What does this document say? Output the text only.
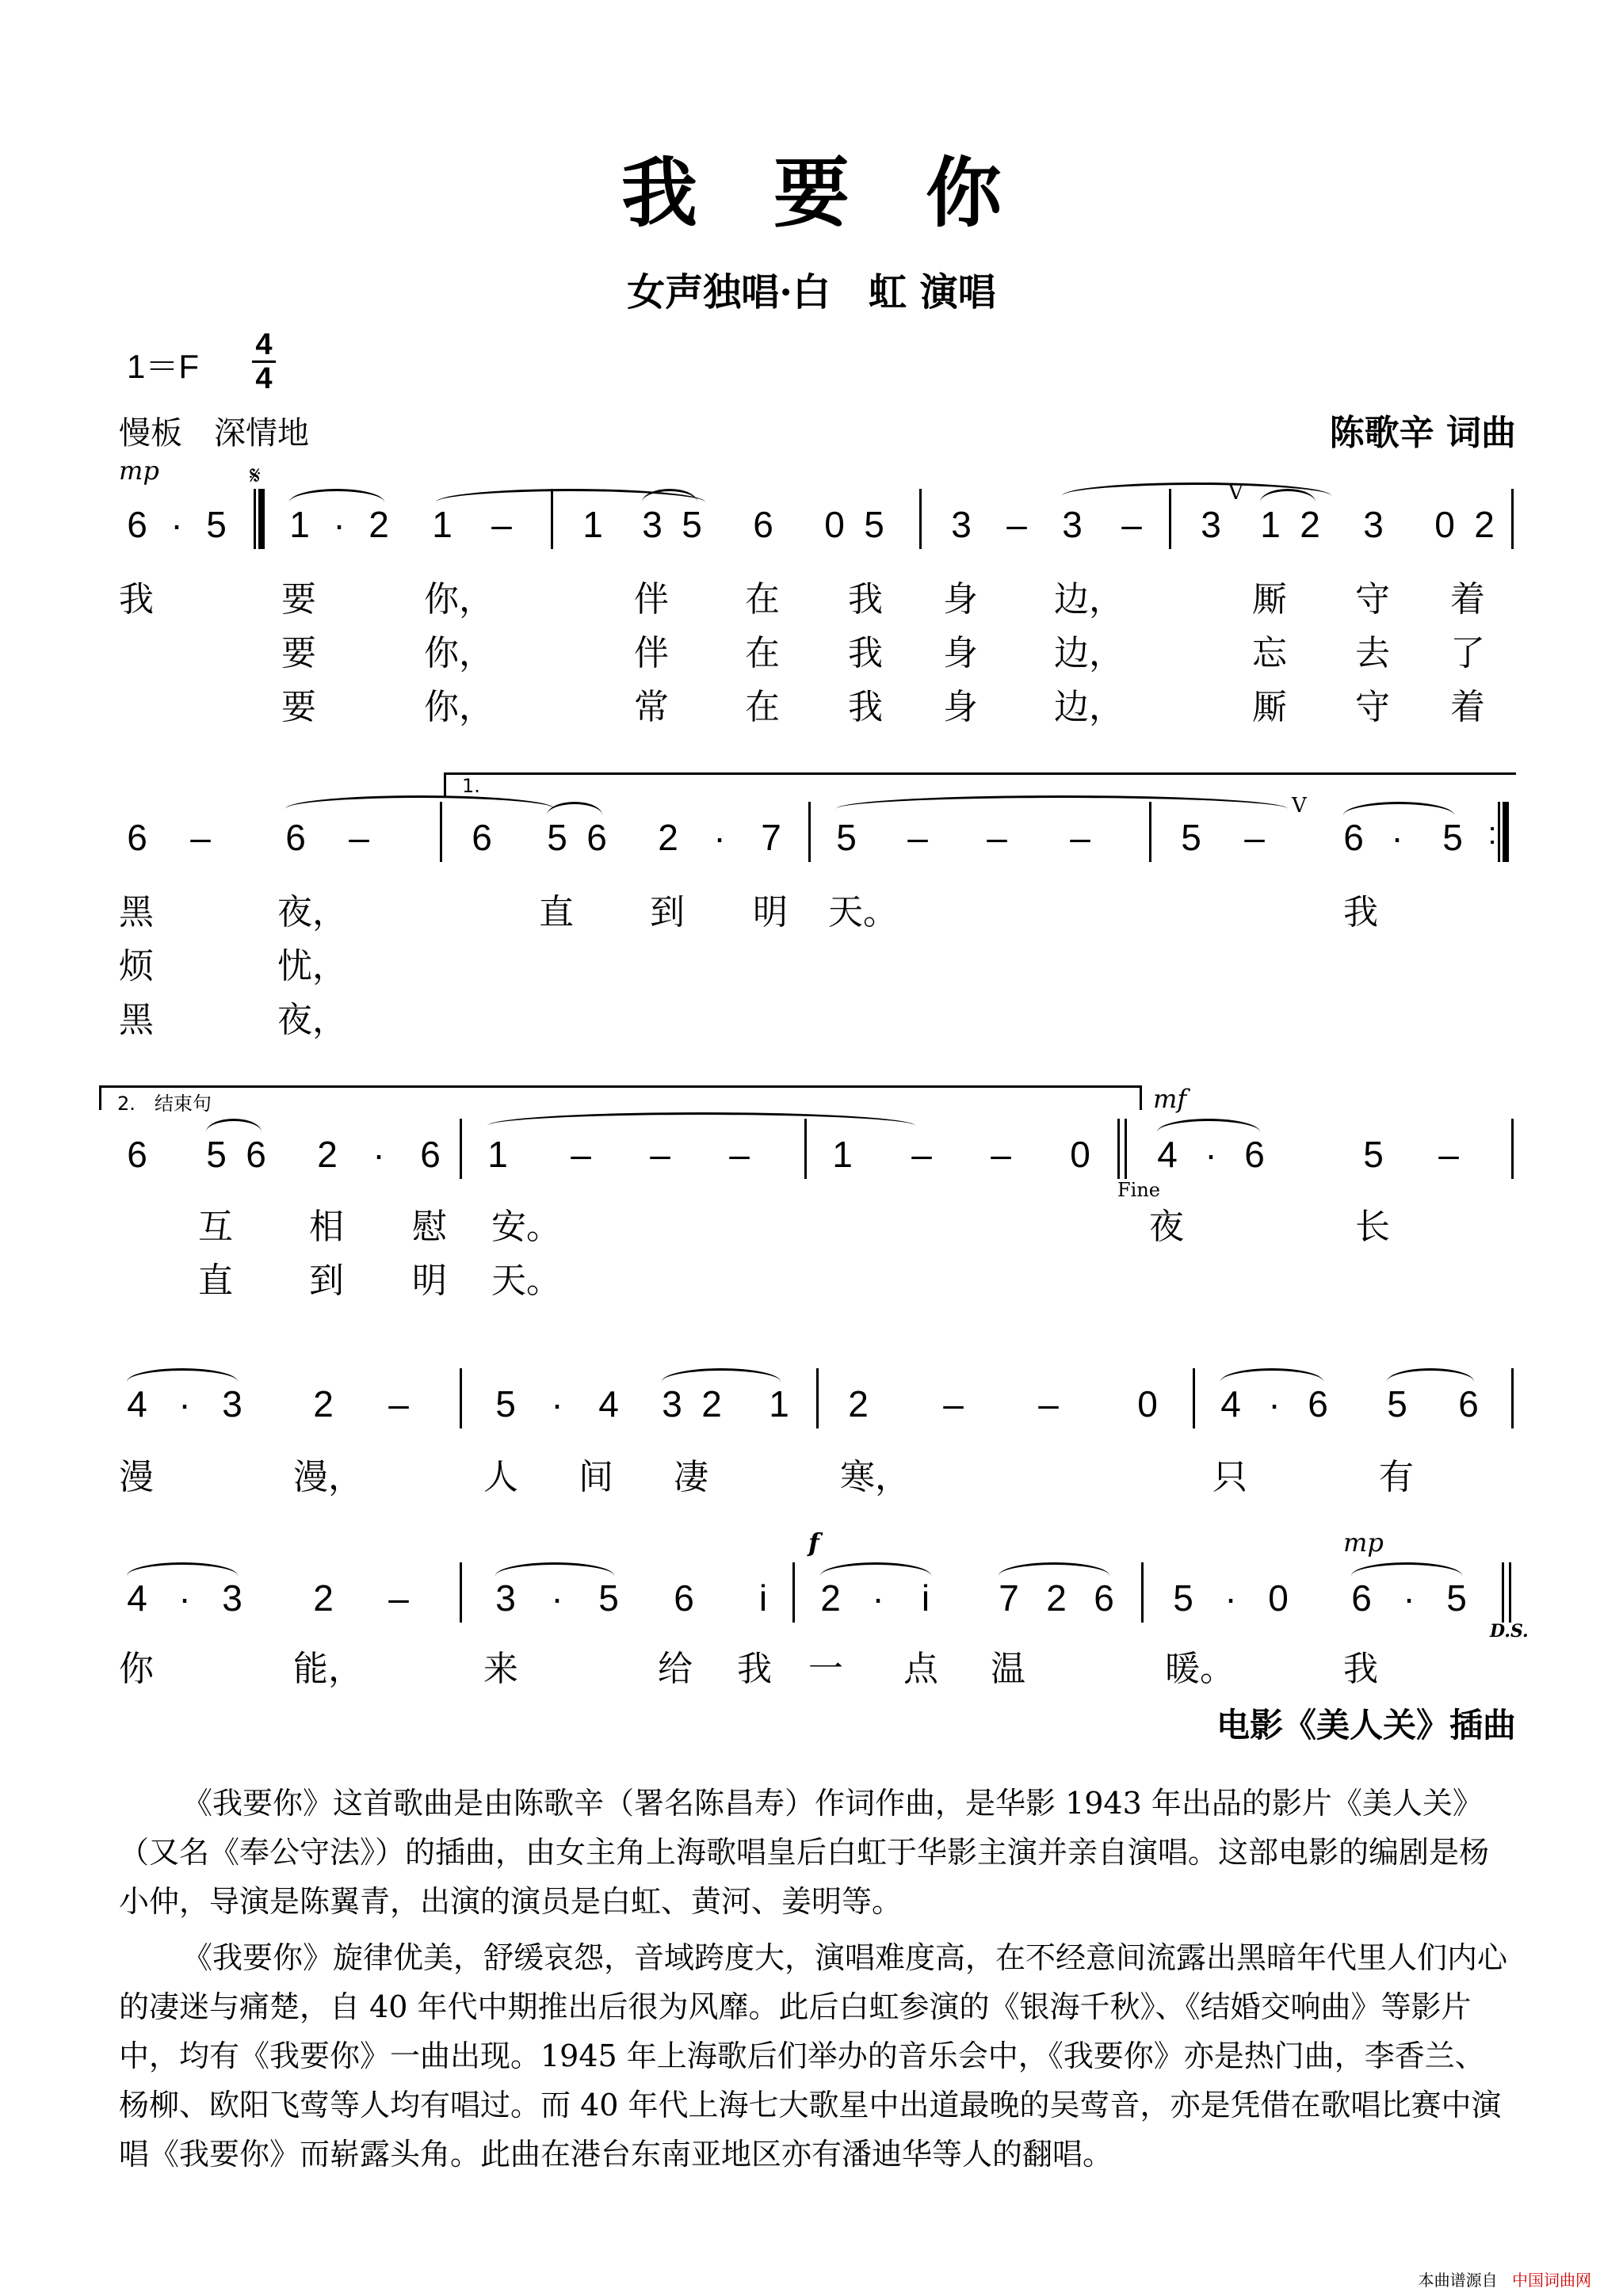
我要你
女声独唱·白　虹 演唱
1＝F
4
4
慢板　深情地	陈歌辛 词曲
mp	𝄋
6 · 5 1 · 2 1 – 1 3 5 6 0 5 3 – 3 – 3
V
1 2 3 0 2
我	要	你，	伴 在 我 身 边，	厮 守 着
要	你，	伴 在 我 身 边，	忘 去 了
要	你，	常 在 我 身 边，	厮 守 着
1.
6 – 6 –	6 5 6 2 · 7 5 – – – 5 –
V
6 ·	5 :
黑	夜，	直 到 明 天。	我
烦	忧，
黑	夜，
2.　结束句
6 5 6 2 · 6 1 – – – 1 – – 0
Fine
mf
4 · 6	5 –
互 相 慰 安。	夜	长
直 到 明 天。
4 · 3 2 – 5 · 4 3 2 1 2 – – 0 4 · 6 5 6
漫	漫，	人 间 凄	寒，	只	有
4 · 3 2 – 3 · 5 6	i
f
2 ·	i	7 2 6 5 · 0
mp
6 · 5
D.S.
你	能，	来	给 我 一 点 温	暖。	我
电影《美人关》插曲
《我要你》这首歌曲是由陈歌辛（署名陈昌寿）作词作曲，是华影 1943 年出品的影片《美人关》（又名《奉公守法》）的插曲，由女主角上海歌唱皇后白虹于华影主演并亲自演唱。这部电影的编剧是杨小仲，导演是陈翼青，出演的演员是白虹、黄河、姜明等。
《我要你》旋律优美，舒缓哀怨，音域跨度大，演唱难度高，在不经意间流露出黑暗年代里人们内心的凄迷与痛楚，自 40 年代中期推出后很为风靡。此后白虹参演的《银海千秋》、《结婚交响曲》等影片中，均有《我要你》一曲出现。1945 年上海歌后们举办的音乐会中，《我要你》亦是热门曲，李香兰、杨柳、欧阳飞莺等人均有唱过。而 40 年代上海七大歌星中出道最晚的吴莺音，亦是凭借在歌唱比赛中演唱《我要你》而崭露头角。此曲在港台东南亚地区亦有潘迪华等人的翻唱。
本曲谱源自 中国词曲网
